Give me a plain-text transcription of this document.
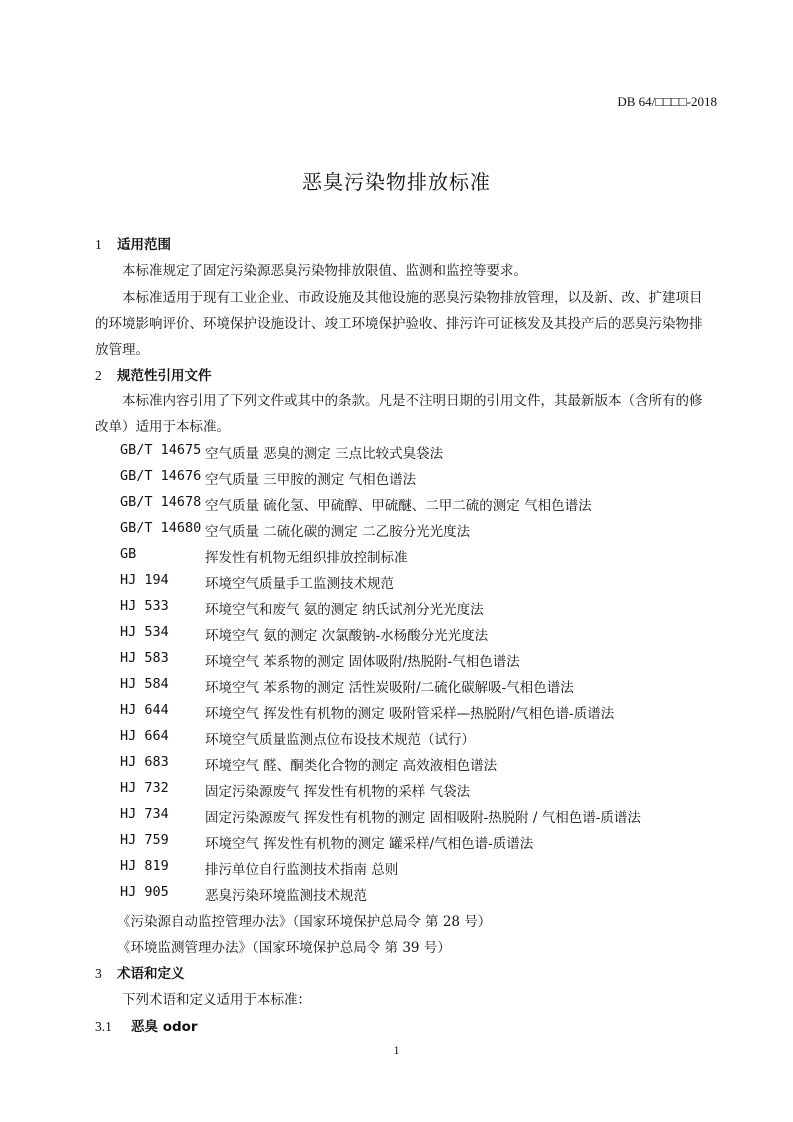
DB 64/□□□□-2018
恶臭污染物排放标准
1 适用范围
本标准规定了固定污染源恶臭污染物排放限值、监测和监控等要求。
本标准适用于现有工业企业、市政设施及其他设施的恶臭污染物排放管理，以及新、改、扩建项目
的环境影响评价、环境保护设施设计、竣工环境保护验收、排污许可证核发及其投产后的恶臭污染物排
放管理。
2 规范性引用文件
本标准内容引用了下列文件或其中的条款。凡是不注明日期的引用文件，其最新版本（含所有的修
改单）适用于本标准。
GB/T 14675 空气质量 恶臭的测定 三点比较式臭袋法
GB/T 14676 空气质量 三甲胺的测定 气相色谱法
GB/T 14678 空气质量 硫化氢、甲硫醇、甲硫醚、二甲二硫的测定 气相色谱法
GB/T 14680 空气质量 二硫化碳的测定 二乙胺分光光度法
GB	挥发性有机物无组织排放控制标准
HJ 194	环境空气质量手工监测技术规范
HJ 533	环境空气和废气 氨的测定 纳氏试剂分光光度法
HJ 534	环境空气 氨的测定 次氯酸钠-水杨酸分光光度法
HJ 583	环境空气 苯系物的测定 固体吸附/热脱附-气相色谱法
HJ 584	环境空气 苯系物的测定 活性炭吸附/二硫化碳解吸-气相色谱法
HJ 644	环境空气 挥发性有机物的测定 吸附管采样—热脱附/气相色谱-质谱法
HJ 664	环境空气质量监测点位布设技术规范（试行）
HJ 683	环境空气 醛、酮类化合物的测定 高效液相色谱法
HJ 732	固定污染源废气 挥发性有机物的采样 气袋法
HJ 734	固定污染源废气 挥发性有机物的测定 固相吸附-热脱附 / 气相色谱-质谱法
HJ 759	环境空气 挥发性有机物的测定 罐采样/气相色谱-质谱法
HJ 819	排污单位自行监测技术指南 总则
HJ 905	恶臭污染环境监测技术规范
《污染源自动监控管理办法》（国家环境保护总局令 第 28 号）
《环境监测管理办法》（国家环境保护总局令 第 39 号）
3 术语和定义
下列术语和定义适用于本标准：
3.1 恶臭 odor
1
